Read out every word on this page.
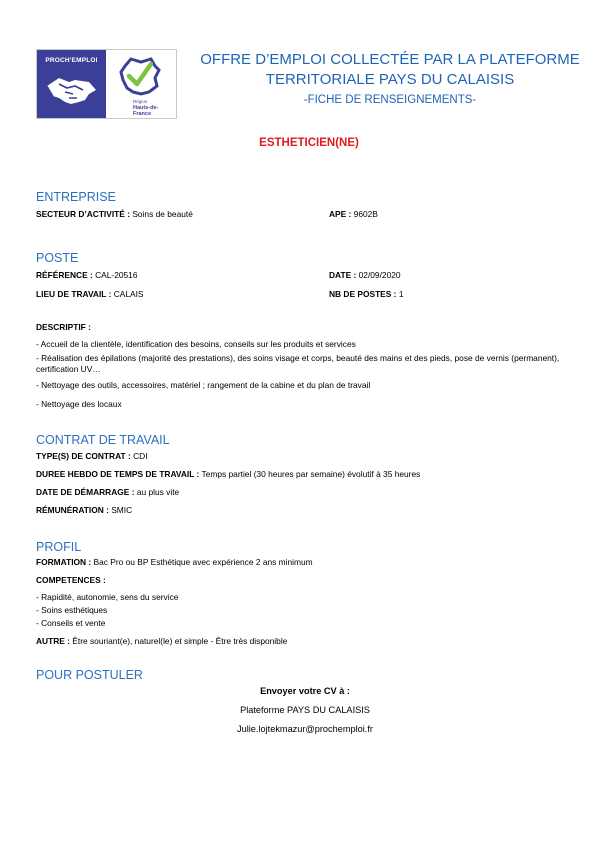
PROCH'EMPLOI
Région
Hauts-de-France
OFFRE D’EMPLOI COLLECTÉE PAR LA PLATEFORME
TERRITORIALE PAYS DU CALAISIS
-FICHE DE RENSEIGNEMENTS-
ESTHETICIEN(NE)
ENTREPRISE
SECTEUR D’ACTIVITÉ : Soins de beauté	APE : 9602B
POSTE
RÉFÉRENCE : CAL-20516	DATE : 02/09/2020
LIEU DE TRAVAIL : CALAIS	NB DE POSTES : 1
DESCRIPTIF :
- Accueil de la clientèle, identification des besoins, conseils sur les produits et services
- Réalisation des épilations (majorité des prestations), des soins visage et corps, beauté des mains et des pieds, pose de vernis (permanent), certification UV…
- Nettoyage des outils, accessoires, matériel ; rangement de la cabine et du plan de travail
- Nettoyage des locaux
CONTRAT DE TRAVAIL
TYPE(S) DE CONTRAT : CDI
DUREE HEBDO DE TEMPS DE TRAVAIL : Temps partiel (30 heures par semaine) évolutif à 35 heures
DATE DE DÉMARRAGE : au plus vite
RÉMUNÉRATION : SMIC
PROFIL
FORMATION : Bac Pro ou BP Esthétique avec expérience 2 ans minimum
COMPETENCES :
- Rapidité, autonomie, sens du service
- Soins esthétiques
- Conseils et vente
AUTRE : Être souriant(e), naturel(le) et simple - Être très disponible
POUR POSTULER
Envoyer votre CV à :
Plateforme PAYS DU CALAISIS
Julie.lojtekmazur@prochemploi.fr
